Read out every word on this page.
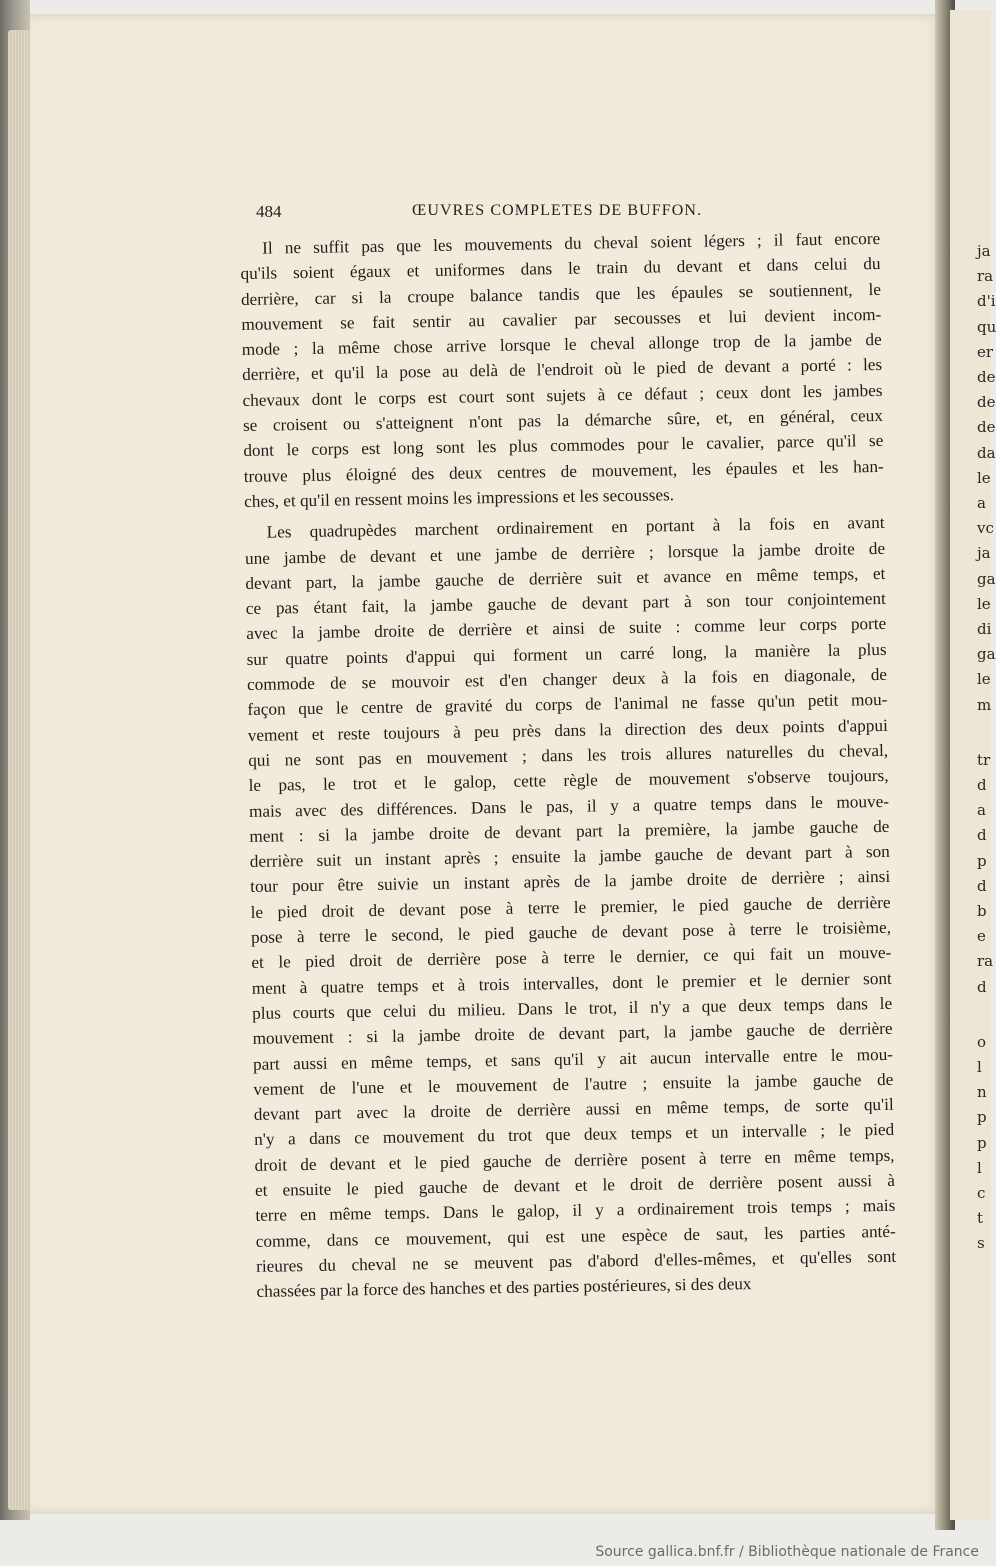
ja
ra
d'i
qu
er
de
de
de
da
le
a
vc
ja
ga
le
di
ga
le
m
tr
d
a
d
p
d
b
e
ra
d
o
l
n
p
p
l
c
t
s
484	ŒUVRES COMPLETES DE BUFFON.
Il ne suffit pas que les mouvements du cheval soient légers ; il faut encore
qu'ils soient égaux et uniformes dans le train du devant et dans celui du
derrière, car si la croupe balance tandis que les épaules se soutiennent, le
mouvement se fait sentir au cavalier par secousses et lui devient incom-
mode ; la même chose arrive lorsque le cheval allonge trop de la jambe de
derrière, et qu'il la pose au delà de l'endroit où le pied de devant a porté : les
chevaux dont le corps est court sont sujets à ce défaut ; ceux dont les jambes
se croisent ou s'atteignent n'ont pas la démarche sûre, et, en général, ceux
dont le corps est long sont les plus commodes pour le cavalier, parce qu'il se
trouve plus éloigné des deux centres de mouvement, les épaules et les han-
ches, et qu'il en ressent moins les impressions et les secousses.
Les quadrupèdes marchent ordinairement en portant à la fois en avant
une jambe de devant et une jambe de derrière ; lorsque la jambe droite de
devant part, la jambe gauche de derrière suit et avance en même temps, et
ce pas étant fait, la jambe gauche de devant part à son tour conjointement
avec la jambe droite de derrière et ainsi de suite : comme leur corps porte
sur quatre points d'appui qui forment un carré long, la manière la plus
commode de se mouvoir est d'en changer deux à la fois en diagonale, de
façon que le centre de gravité du corps de l'animal ne fasse qu'un petit mou-
vement et reste toujours à peu près dans la direction des deux points d'appui
qui ne sont pas en mouvement ; dans les trois allures naturelles du cheval,
le pas, le trot et le galop, cette règle de mouvement s'observe toujours,
mais avec des différences. Dans le pas, il y a quatre temps dans le mouve-
ment : si la jambe droite de devant part la première, la jambe gauche de
derrière suit un instant après ; ensuite la jambe gauche de devant part à son
tour pour être suivie un instant après de la jambe droite de derrière ; ainsi
le pied droit de devant pose à terre le premier, le pied gauche de derrière
pose à terre le second, le pied gauche de devant pose à terre le troisième,
et le pied droit de derrière pose à terre le dernier, ce qui fait un mouve-
ment à quatre temps et à trois intervalles, dont le premier et le dernier sont
plus courts que celui du milieu. Dans le trot, il n'y a que deux temps dans le
mouvement : si la jambe droite de devant part, la jambe gauche de derrière
part aussi en même temps, et sans qu'il y ait aucun intervalle entre le mou-
vement de l'une et le mouvement de l'autre ; ensuite la jambe gauche de
devant part avec la droite de derrière aussi en même temps, de sorte qu'il
n'y a dans ce mouvement du trot que deux temps et un intervalle ; le pied
droit de devant et le pied gauche de derrière posent à terre en même temps,
et ensuite le pied gauche de devant et le droit de derrière posent aussi à
terre en même temps. Dans le galop, il y a ordinairement trois temps ; mais
comme, dans ce mouvement, qui est une espèce de saut, les parties anté-
rieures du cheval ne se meuvent pas d'abord d'elles-mêmes, et qu'elles sont
chassées par la force des hanches et des parties postérieures, si des deux
Source gallica.bnf.fr / Bibliothèque nationale de France
